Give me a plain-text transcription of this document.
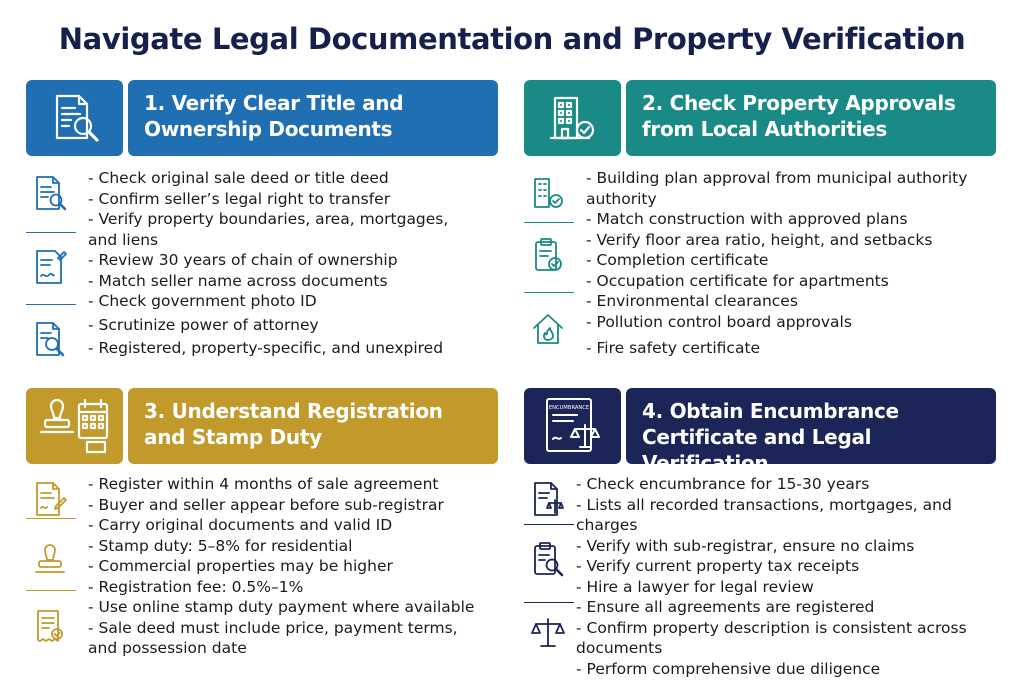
Navigate Legal Documentation and Property Verification
1. Verify Clear Title and Ownership Documents
- Check original sale deed or title deed
- Confirm seller’s legal right to transfer
- Verify property boundaries, area, mortgages, and liens
- Review 30 years of chain of ownership
- Match seller name across documents
- Check government photo ID
- Scrutinize power of attorney
- Registered, property-specific, and unexpired
2. Check Property Approvals from Local Authorities
- Building plan approval from municipal authority authority
- Match construction with approved plans
- Verify floor area ratio, height, and setbacks
- Completion certificate
- Occupation certificate for apartments
- Environmental clearances
- Pollution control board approvals
- Fire safety certificate
3. Understand Registration and Stamp Duty
- Register within 4 months of sale agreement
- Buyer and seller appear before sub-registrar
- Carry original documents and valid ID
- Stamp duty: 5–8% for residential
- Commercial properties may be higher
- Registration fee: 0.5%–1%
- Use online stamp duty payment where available
- Sale deed must include price, payment terms, and possession date
ENCUMBRANCE	4. Obtain Encumbrance Certificate and Legal Verification
- Check encumbrance for 15-30 years
- Lists all recorded transactions, mortgages, and charges
- Verify with sub-registrar, ensure no claims
- Verify current property tax receipts
- Hire a lawyer for legal review
- Ensure all agreements are registered
- Confirm property description is consistent across documents
- Perform comprehensive due diligence
